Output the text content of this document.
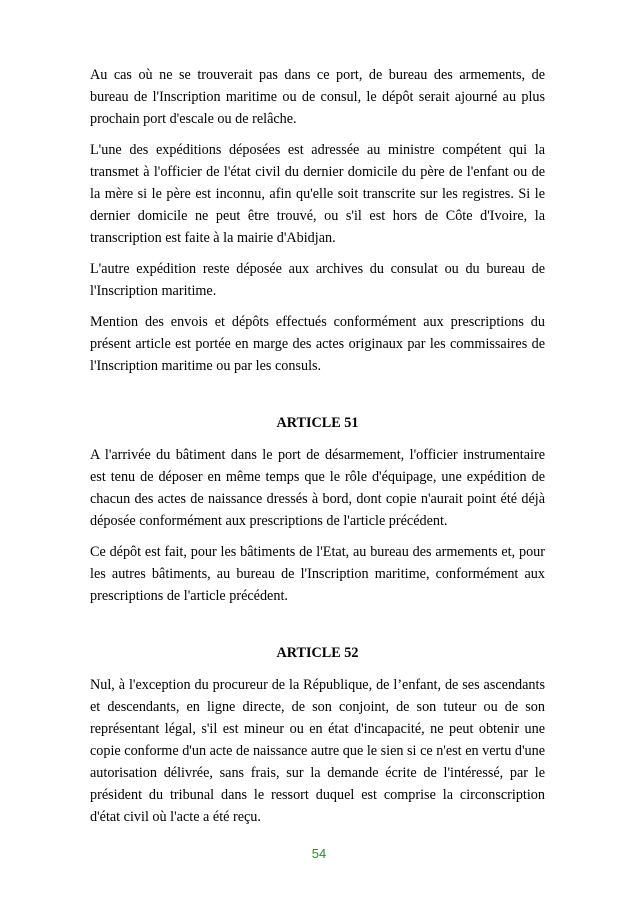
Au cas où ne se trouverait pas dans ce port, de bureau des armements, de bureau de l'Inscription maritime ou de consul, le dépôt serait ajourné au plus prochain port d'escale ou de relâche.

L'une des expéditions déposées est adressée au ministre compétent qui la transmet à l'officier de l'état civil du dernier domicile du père de l'enfant ou de la mère si le père est inconnu, afin qu'elle soit transcrite sur les registres. Si le dernier domicile ne peut être trouvé, ou s'il est hors de Côte d'Ivoire, la transcription est faite à la mairie d'Abidjan.

L'autre expédition reste déposée aux archives du consulat ou du bureau de l'Inscription maritime.

Mention des envois et dépôts effectués conformément aux prescriptions du présent article est portée en marge des actes originaux par les commissaires de l'Inscription maritime ou par les consuls.

ARTICLE 51

A l'arrivée du bâtiment dans le port de désarmement, l'officier instrumentaire est tenu de déposer en même temps que le rôle d'équipage, une expédition de chacun des actes de naissance dressés à bord, dont copie n'aurait point été déjà déposée conformément aux prescriptions de l'article précédent.

Ce dépôt est fait, pour les bâtiments de l'Etat, au bureau des armements et, pour les autres bâtiments, au bureau de l'Inscription maritime, conformément aux prescriptions de l'article précédent.

ARTICLE 52

Nul, à l'exception du procureur de la République, de l’enfant, de ses ascendants et descendants, en ligne directe, de son conjoint, de son tuteur ou de son représentant légal, s'il est mineur ou en état d'incapacité, ne peut obtenir une copie conforme d'un acte de naissance autre que le sien si ce n'est en vertu d'une autorisation délivrée, sans frais, sur la demande écrite de l'intéressé, par le président du tribunal dans le ressort duquel est comprise la circonscription d'état civil où l'acte a été reçu.

54
